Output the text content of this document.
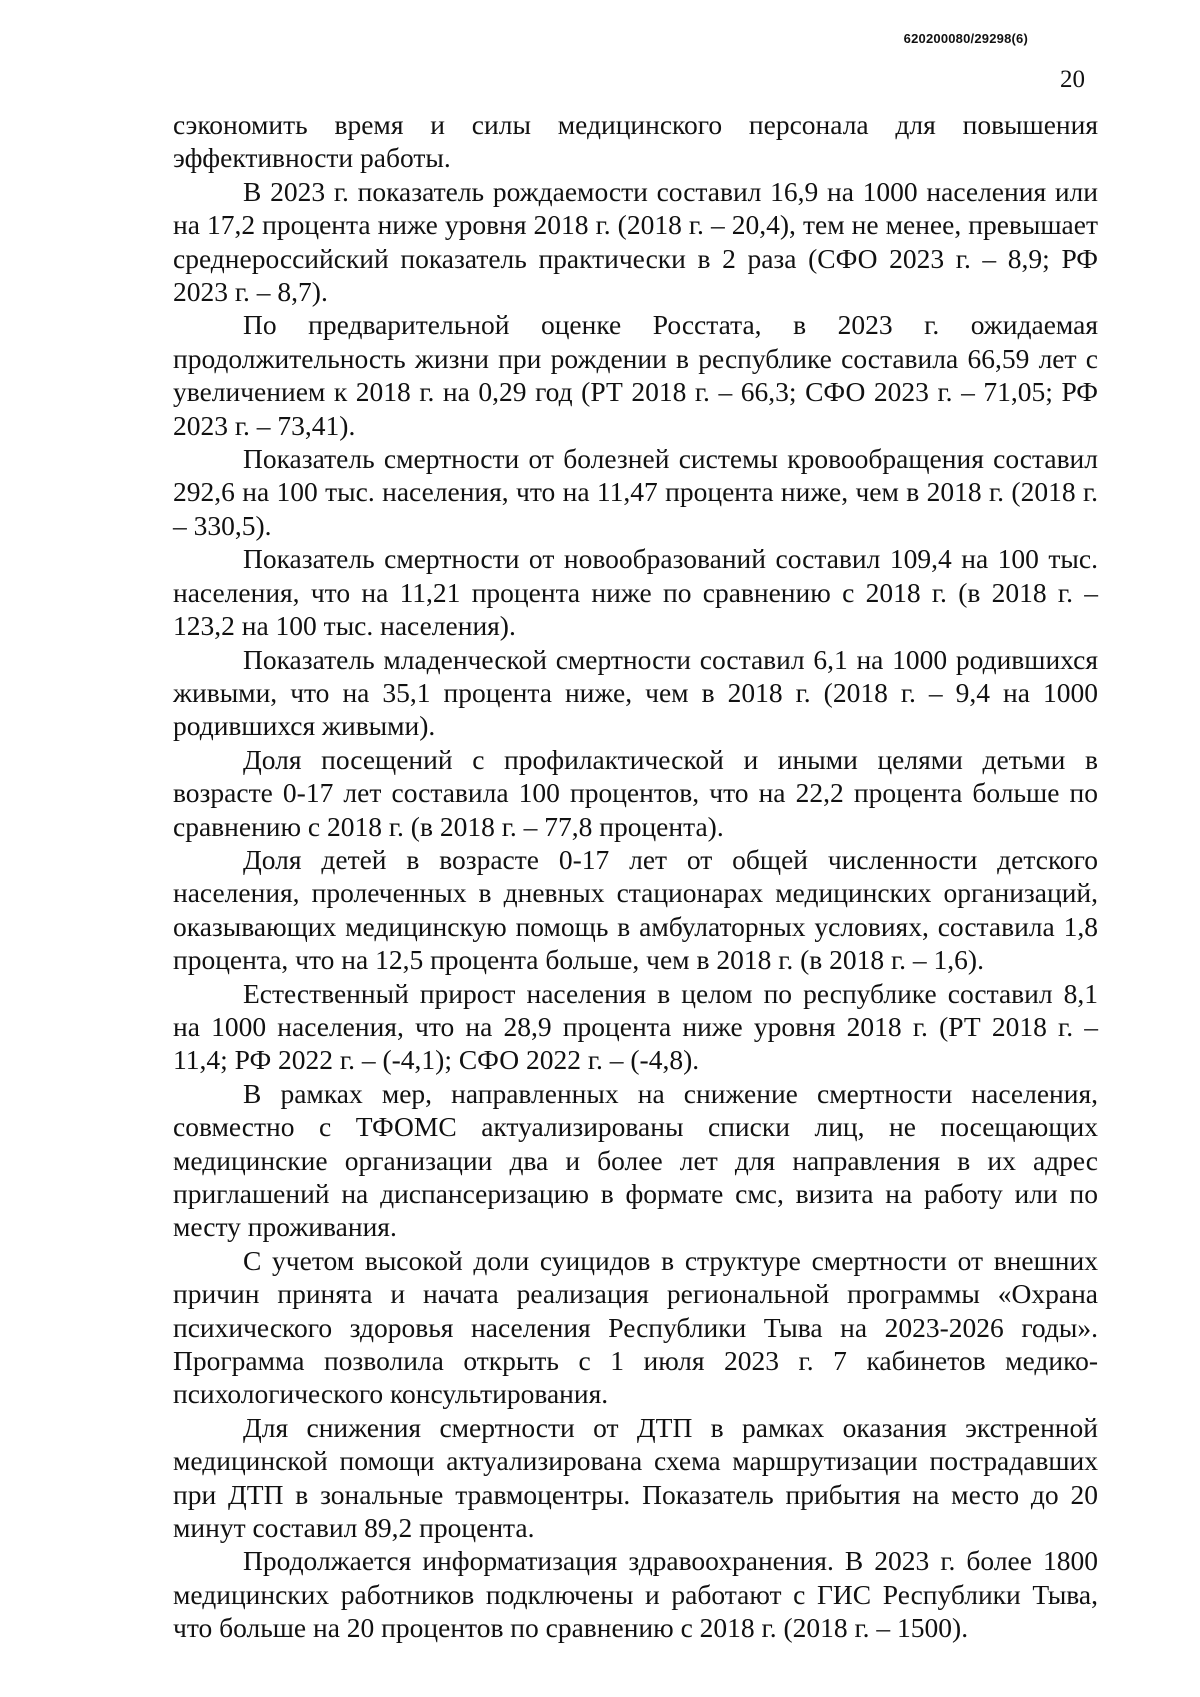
620200080/29298(6)
20

сэкономить время и силы медицинского персонала для повышения эффективности работы.

В 2023 г. показатель рождаемости составил 16,9 на 1000 населения или на 17,2 процента ниже уровня 2018 г. (2018 г. – 20,4), тем не менее, превышает среднероссийский показатель практически в 2 раза (СФО 2023 г. – 8,9; РФ 2023 г. – 8,7).

По предварительной оценке Росстата, в 2023 г. ожидаемая продолжительность жизни при рождении в республике составила 66,59 лет с увеличением к 2018 г. на 0,29 год (РТ 2018 г. – 66,3; СФО 2023 г. – 71,05; РФ 2023 г. – 73,41).

Показатель смертности от болезней системы кровообращения составил 292,6 на 100 тыс. населения, что на 11,47 процента ниже, чем в 2018 г. (2018 г. – 330,5).

Показатель смертности от новообразований составил 109,4 на 100 тыс. населения, что на 11,21 процента ниже по сравнению с 2018 г. (в 2018 г. – 123,2 на 100 тыс. населения).

Показатель младенческой смертности составил 6,1 на 1000 родившихся живыми, что на 35,1 процента ниже, чем в 2018 г. (2018 г. – 9,4 на 1000 родившихся живыми).

Доля посещений с профилактической и иными целями детьми в возрасте 0-17 лет составила 100 процентов, что на 22,2 процента больше по сравнению с 2018 г. (в 2018 г. – 77,8 процента).

Доля детей в возрасте 0-17 лет от общей численности детского населения, пролеченных в дневных стационарах медицинских организаций, оказывающих медицинскую помощь в амбулаторных условиях, составила 1,8 процента, что на 12,5 процента больше, чем в 2018 г. (в 2018 г. – 1,6).

Естественный прирост населения в целом по республике составил 8,1 на 1000 населения, что на 28,9 процента ниже уровня 2018 г. (РТ 2018 г. – 11,4; РФ 2022 г. – (-4,1); СФО 2022 г. – (-4,8).

В рамках мер, направленных на снижение смертности населения, совместно с ТФОМС актуализированы списки лиц, не посещающих медицинские организации два и более лет для направления в их адрес приглашений на диспансеризацию в формате смс, визита на работу или по месту проживания.

С учетом высокой доли суицидов в структуре смертности от внешних причин принята и начата реализация региональной программы «Охрана психического здоровья населения Республики Тыва на 2023-2026 годы». Программа позволила открыть с 1 июля 2023 г. 7 кабинетов медико-психологического консультирования.

Для снижения смертности от ДТП в рамках оказания экстренной медицинской помощи актуализирована схема маршрутизации пострадавших при ДТП в зональные травмоцентры. Показатель прибытия на место до 20 минут составил 89,2 процента.

Продолжается информатизация здравоохранения. В 2023 г. более 1800 медицинских работников подключены и работают с ГИС Республики Тыва, что больше на 20 процентов по сравнению с 2018 г. (2018 г. – 1500).
